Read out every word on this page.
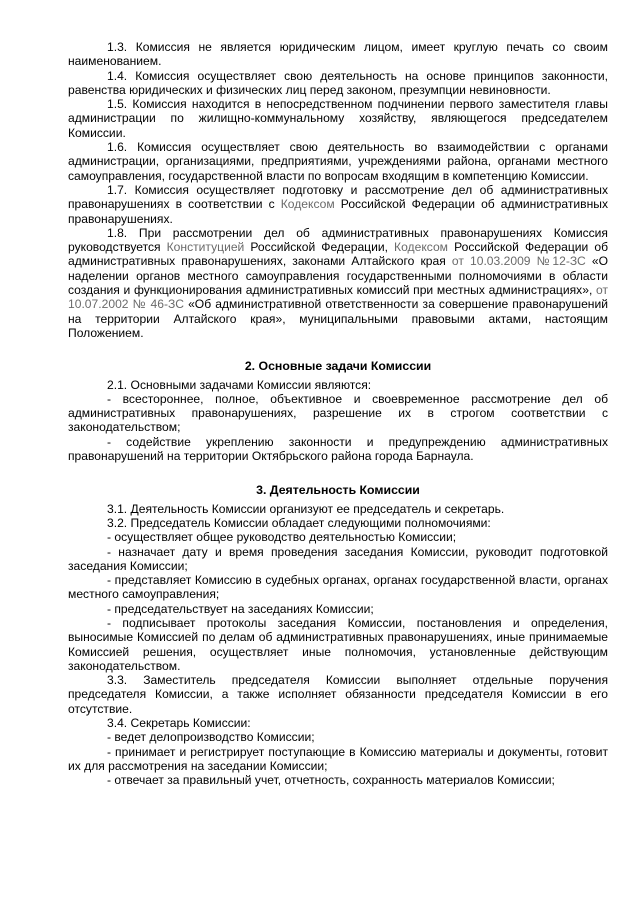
1.3. Комиссия не является юридическим лицом, имеет круглую печать со своим наименованием.

1.4. Комиссия осуществляет свою деятельность на основе принципов законности, равенства юридических и физических лиц перед законом, презумпции невиновности.

1.5. Комиссия находится в непосредственном подчинении первого заместителя главы администрации по жилищно-коммунальному хозяйству, являющегося председателем Комиссии.

1.6. Комиссия осуществляет свою деятельность во взаимодействии с органами администрации, организациями, предприятиями, учреждениями района, органами местного самоуправления, государственной власти по вопросам входящим в компетенцию Комиссии.

1.7. Комиссия осуществляет подготовку и рассмотрение дел об административных правонарушениях в соответствии с Кодексом Российской Федерации об административных правонарушениях.

1.8. При рассмотрении дел об административных правонарушениях Комиссия руководствуется Конституцией Российской Федерации, Кодексом Российской Федерации об административных правонарушениях, законами Алтайского края от 10.03.2009 №12-ЗС «О наделении органов местного самоуправления государственными полномочиями в области создания и функционирования административных комиссий при местных администрациях», от 10.07.2002 № 46-ЗС «Об административной ответственности за совершение правонарушений на территории Алтайского края», муниципальными правовыми актами, настоящим Положением.

2. Основные задачи Комиссии

2.1. Основными задачами Комиссии являются:

- всестороннее, полное, объективное и своевременное рассмотрение дел об административных правонарушениях, разрешение их в строгом соответствии с законодательством;

- содействие укреплению законности и предупреждению административных правонарушений на территории Октябрьского района города Барнаула.

3. Деятельность Комиссии

3.1. Деятельность Комиссии организуют ее председатель и секретарь.

3.2. Председатель Комиссии обладает следующими полномочиями:

- осуществляет общее руководство деятельностью Комиссии;

- назначает дату и время проведения заседания Комиссии, руководит подготовкой заседания Комиссии;

- представляет Комиссию в судебных органах, органах государственной власти, органах местного самоуправления;

- председательствует на заседаниях Комиссии;

- подписывает протоколы заседания Комиссии, постановления и определения, выносимые Комиссией по делам об административных правонарушениях, иные принимаемые Комиссией решения, осуществляет иные полномочия, установленные действующим законодательством.

3.3. Заместитель председателя Комиссии выполняет отдельные поручения председателя Комиссии, а также исполняет обязанности председателя Комиссии в его отсутствие.

3.4. Секретарь Комиссии:

- ведет делопроизводство Комиссии;

- принимает и регистрирует поступающие в Комиссию материалы и документы, готовит их для рассмотрения на заседании Комиссии;

- отвечает за правильный учет, отчетность, сохранность материалов Комиссии;
